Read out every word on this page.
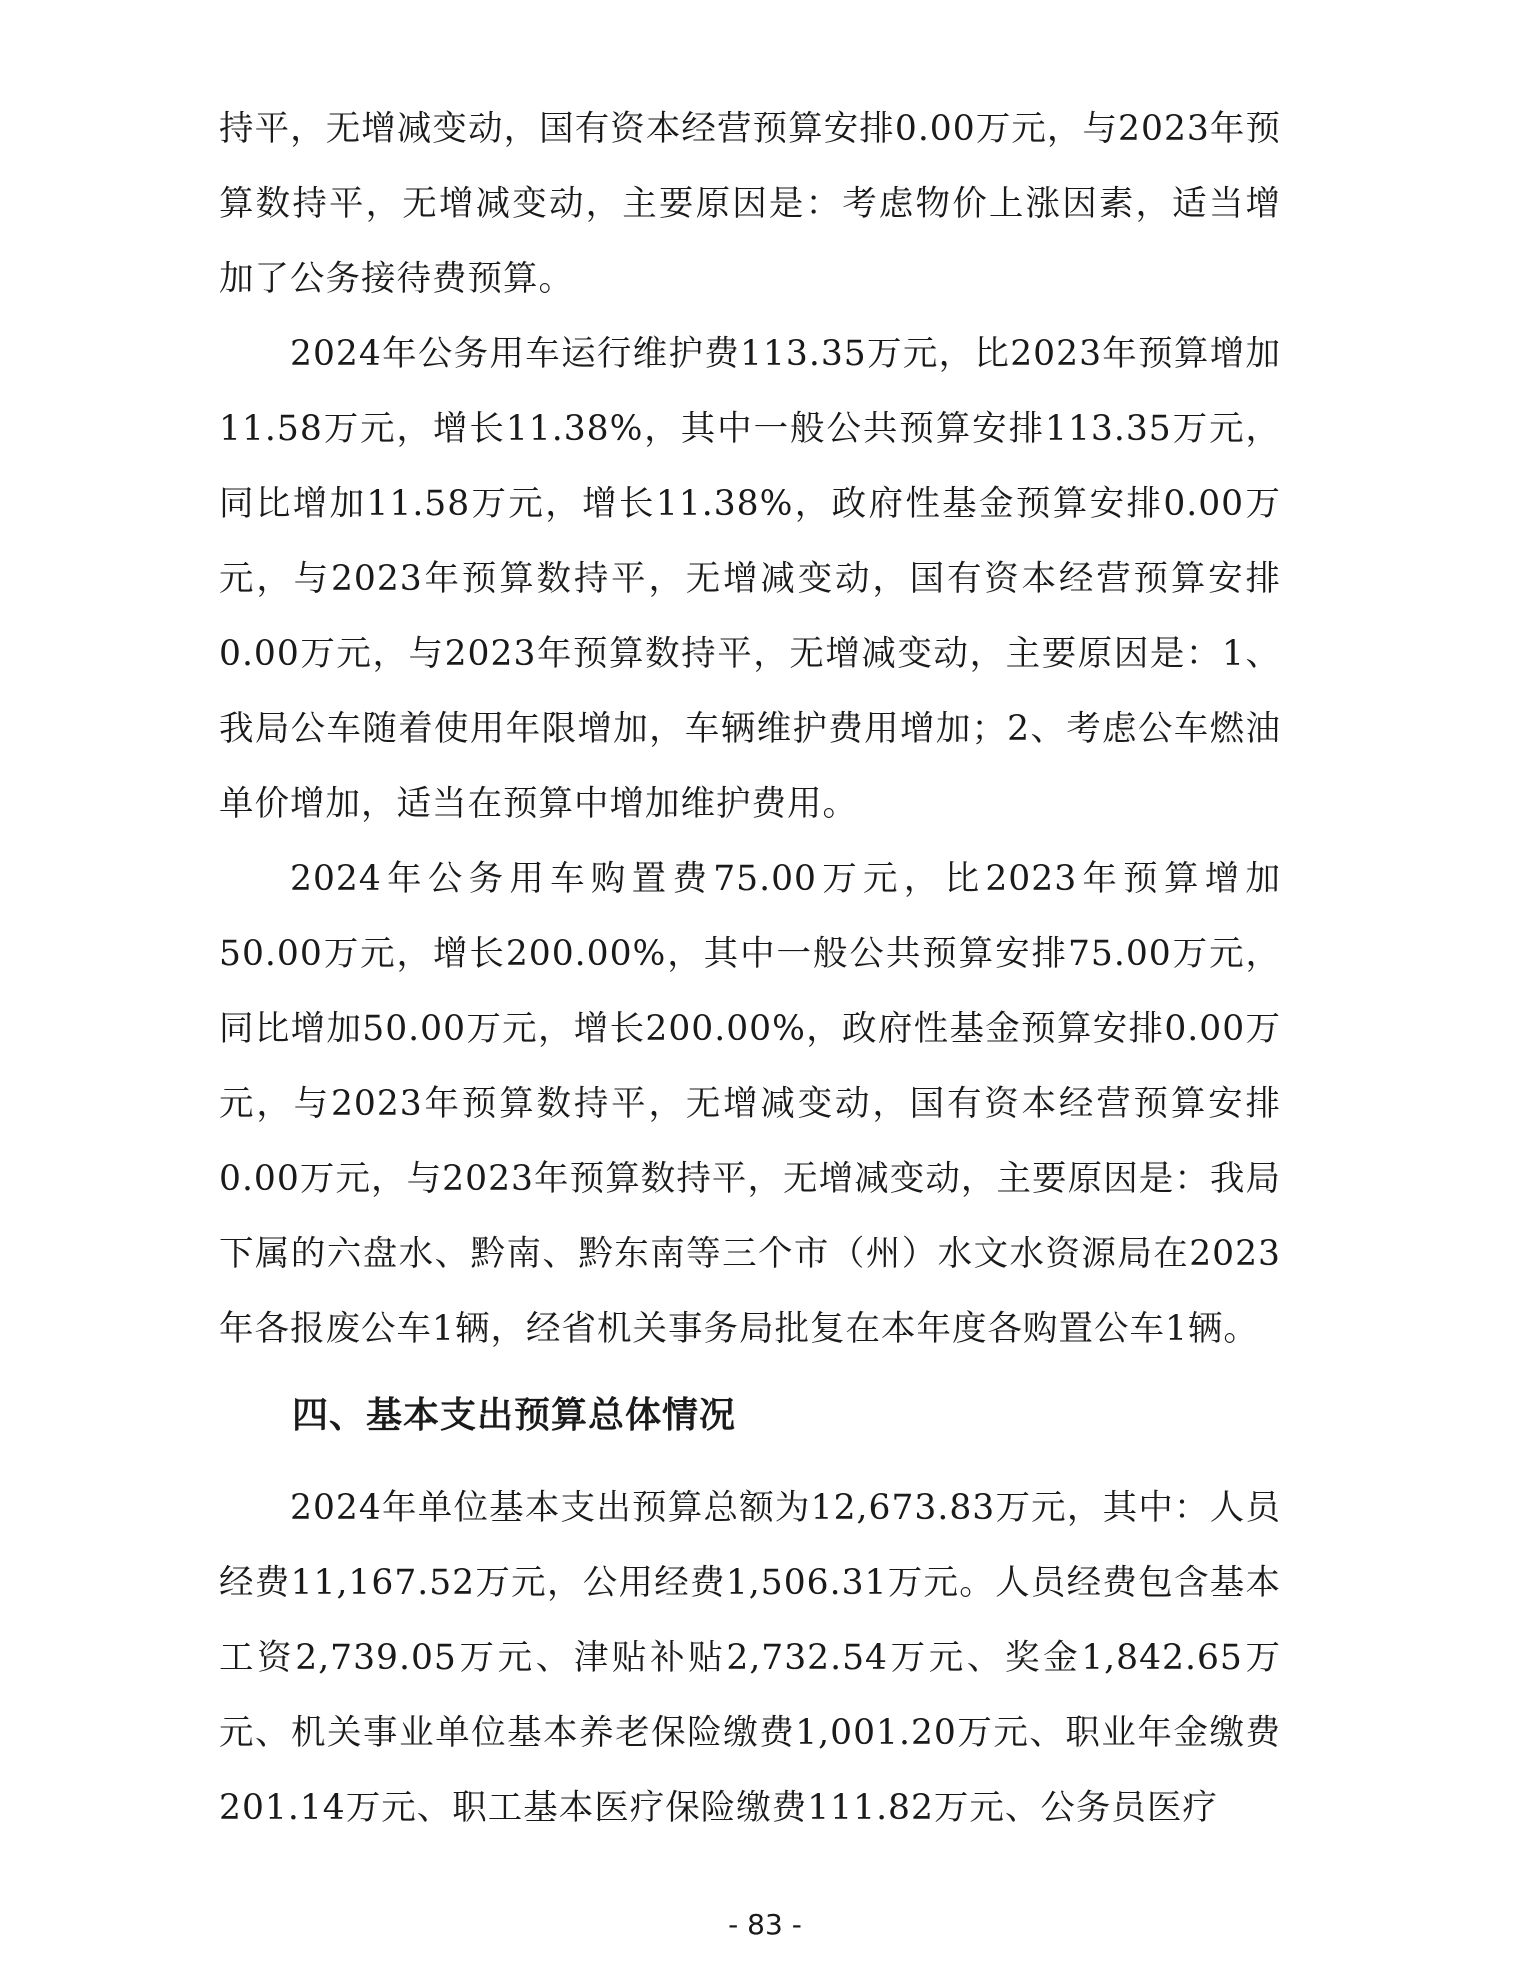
持平，无增减变动，国有资本经营预算安排0.00万元，与2023年预算数持平，无增减变动，主要原因是：考虑物价上涨因素，适当增加了公务接待费预算。

2024年公务用车运行维护费113.35万元，比2023年预算增加11.58万元，增长11.38%，其中一般公共预算安排113.35万元，同比增加11.58万元，增长11.38%，政府性基金预算安排0.00万元，与2023年预算数持平，无增减变动，国有资本经营预算安排0.00万元，与2023年预算数持平，无增减变动，主要原因是：1、我局公车随着使用年限增加，车辆维护费用增加；2、考虑公车燃油单价增加，适当在预算中增加维护费用。

2024年公务用车购置费75.00万元，比2023年预算增加50.00万元，增长200.00%，其中一般公共预算安排75.00万元，同比增加50.00万元，增长200.00%，政府性基金预算安排0.00万元，与2023年预算数持平，无增减变动，国有资本经营预算安排0.00万元，与2023年预算数持平，无增减变动，主要原因是：我局下属的六盘水、黔南、黔东南等三个市（州）水文水资源局在2023年各报废公车1辆，经省机关事务局批复在本年度各购置公车1辆。

四、基本支出预算总体情况

2024年单位基本支出预算总额为12,673.83万元，其中：人员经费11,167.52万元，公用经费1,506.31万元。人员经费包含基本工资2,739.05万元、津贴补贴2,732.54万元、奖金1,842.65万元、机关事业单位基本养老保险缴费1,001.20万元、职业年金缴费201.14万元、职工基本医疗保险缴费111.82万元、公务员医疗

- 83 -
